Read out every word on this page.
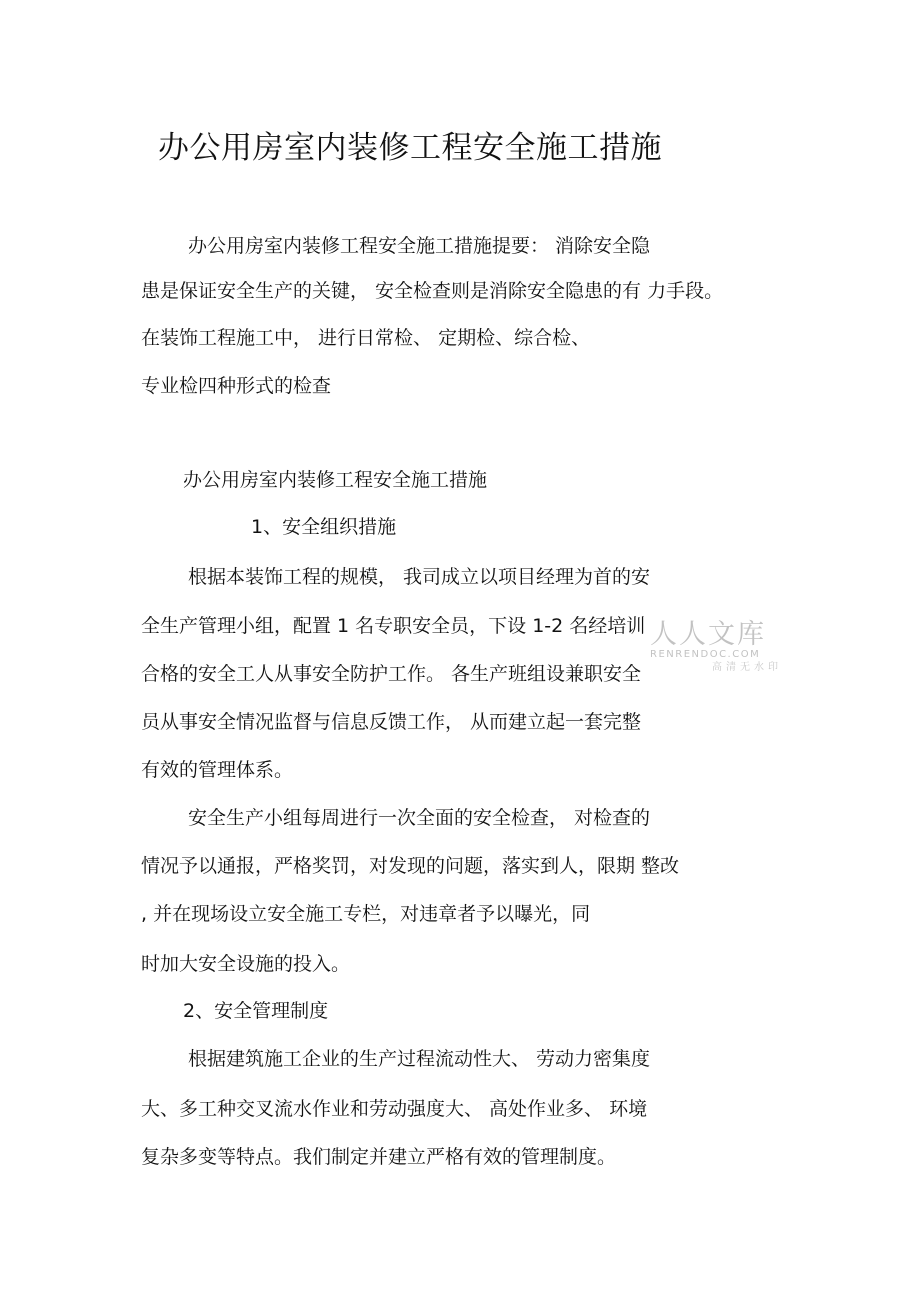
办公用房室内装修工程安全施工措施
办公用房室内装修工程安全施工措施提要： 消除安全隐
患是保证安全生产的关键， 安全检查则是消除安全隐患的有 力手段。
在装饰工程施工中， 进行日常检、 定期检、综合检、
专业检四种形式的检查
办公用房室内装修工程安全施工措施
1、安全组织措施
根据本装饰工程的规模， 我司成立以项目经理为首的安
全生产管理小组，配置 1 名专职安全员，下设 1-2 名经培训
合格的安全工人从事安全防护工作。 各生产班组设兼职安全
员从事安全情况监督与信息反馈工作， 从而建立起一套完整
有效的管理体系。
安全生产小组每周进行一次全面的安全检查， 对检查的
情况予以通报，严格奖罚，对发现的问题，落实到人，限期 整改
, 并在现场设立安全施工专栏，对违章者予以曝光，同
时加大安全设施的投入。
2、安全管理制度
根据建筑施工企业的生产过程流动性大、 劳动力密集度
大、多工种交叉流水作业和劳动强度大、 高处作业多、 环境
复杂多变等特点。我们制定并建立严格有效的管理制度。
人人文库
RENRENDOC.COM
高清无水印
